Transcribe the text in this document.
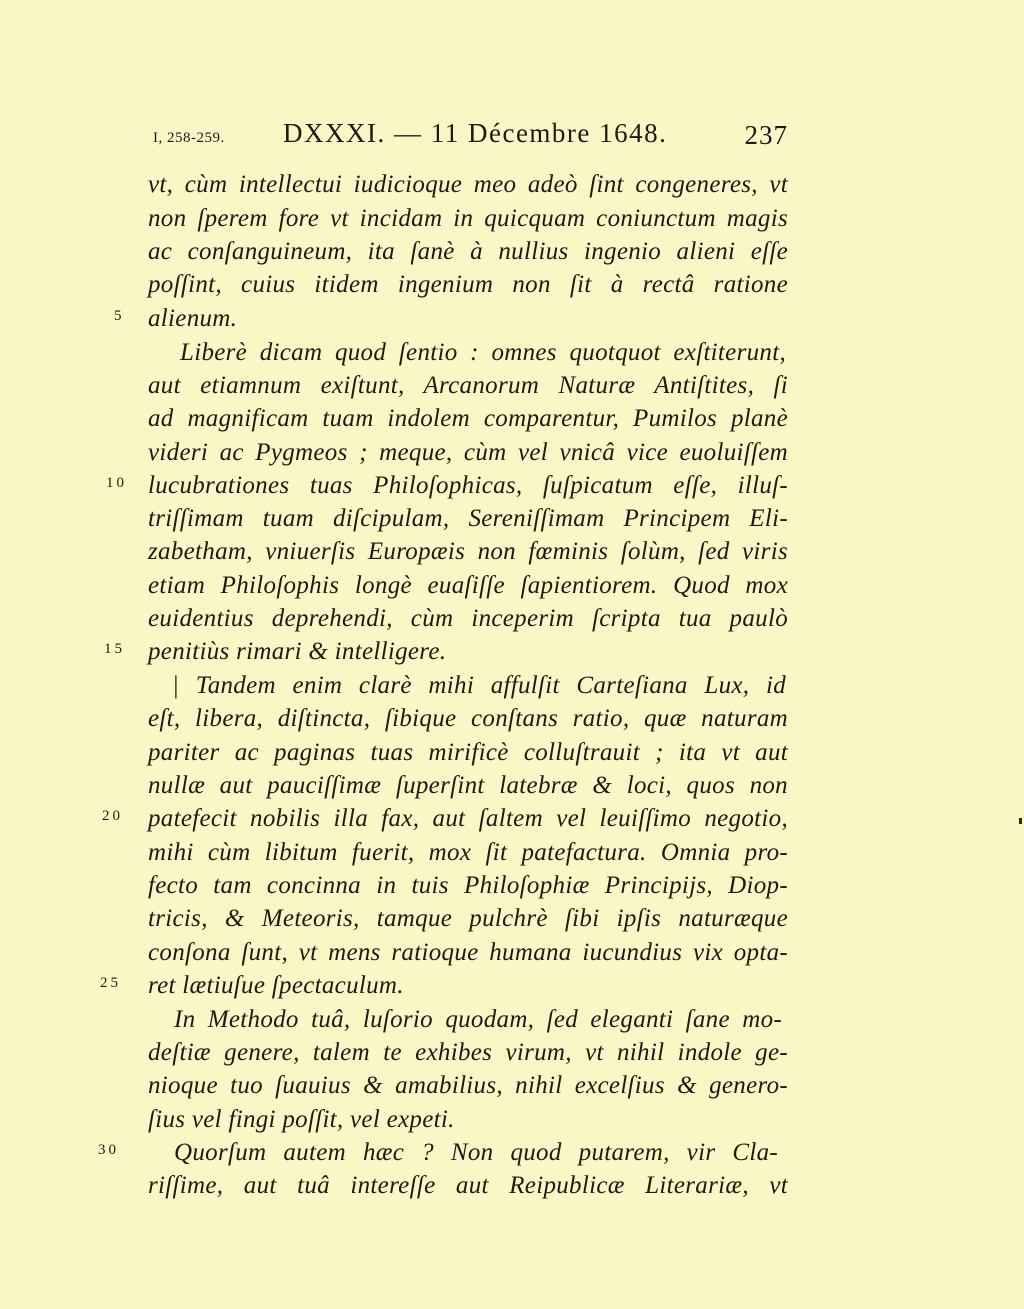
I, 258-259. DXXXI. — 11 Décembre 1648.	237
vt, cùm intellectui iudicioque meo adeò ſint congeneres, vt
non ſperem fore vt incidam in quicquam coniunctum magis
ac conſanguineum, ita ſanè à nullius ingenio alieni eſſe
poſſint, cuius itidem ingenium non ſit à rectâ ratione
alienum.
Liberè dicam quod ſentio : omnes quotquot exſtiterunt,
aut etiamnum exiſtunt, Arcanorum Naturæ Antiſtites, ſi
ad magnificam tuam indolem comparentur, Pumilos planè
videri ac Pygmeos ; meque, cùm vel vnicâ vice euoluiſſem
lucubrationes tuas Philoſophicas, ſuſpicatum eſſe, illuſ-
triſſimam tuam diſcipulam, Sereniſſimam Principem Eli-
zabetham, vniuerſis Europæis non fœminis ſolùm, ſed viris
etiam Philoſophis longè euaſiſſe ſapientiorem. Quod mox
euidentius deprehendi, cùm inceperim ſcripta tua paulò
penitiùs rimari & intelligere.
| Tandem enim clarè mihi affulſit Carteſiana Lux, id
eſt, libera, diſtincta, ſibique conſtans ratio, quæ naturam
pariter ac paginas tuas mirificè colluſtrauit ; ita vt aut
nullæ aut pauciſſimæ ſuperſint latebræ & loci, quos non
patefecit nobilis illa fax, aut ſaltem vel leuiſſimo negotio,
mihi cùm libitum fuerit, mox ſit patefactura. Omnia pro-
fecto tam concinna in tuis Philoſophiæ Principijs, Diop-
tricis, & Meteoris, tamque pulchrè ſibi ipſis naturæque
conſona ſunt, vt mens ratioque humana iucundius vix opta-
ret lætiuſue ſpectaculum.
In Methodo tuâ, luſorio quodam, ſed eleganti ſane mo-
deſtiæ genere, talem te exhibes virum, vt nihil indole ge-
nioque tuo ſuauius & amabilius, nihil excelſius & genero-
ſius vel fingi poſſit, vel expeti.
Quorſum autem hæc ? Non quod putarem, vir Cla-
riſſime, aut tuâ intereſſe aut Reipublicæ Literariæ, vt
5
10
15
20
25
30
